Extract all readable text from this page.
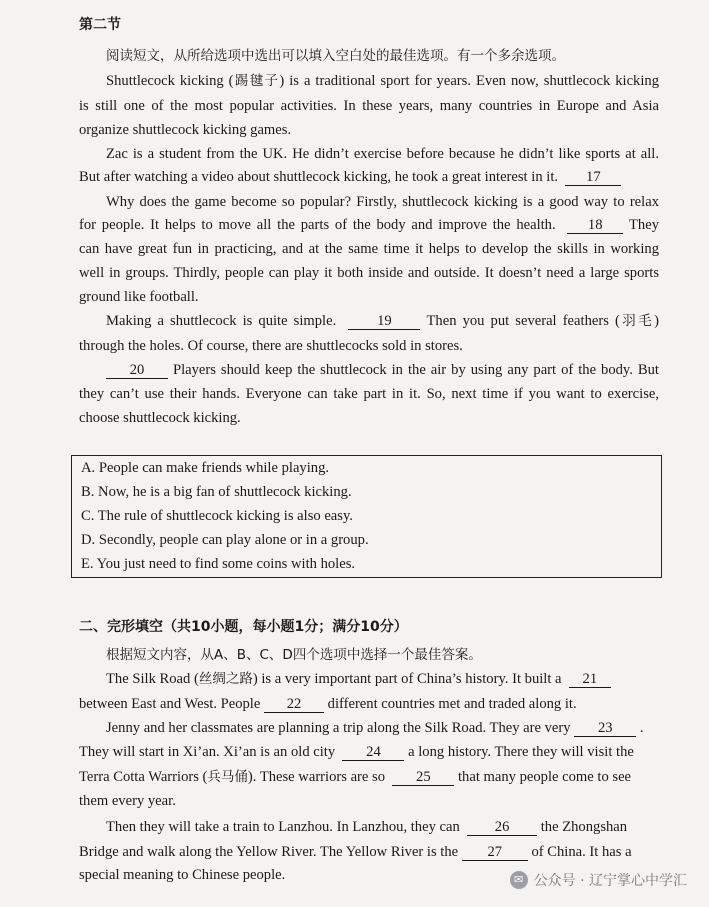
第二节
阅读短文，从所给选项中选出可以填入空白处的最佳选项。有一个多余选项。
Shuttlecock kicking (踢毽子) is a traditional sport for years. Even now, shuttlecock kicking
is still one of the most popular activities. In these years, many countries in Europe and Asia
organize shuttlecock kicking games.
Zac is a student from the UK. He didn’t exercise before because he didn’t like sports at all.
But after watching a video about shuttlecock kicking, he took a great interest in it. 17
Why does the game become so popular? Firstly, shuttlecock kicking is a good way to relax
for people. It helps to move all the parts of the body and improve the health. 18 They
can have great fun in practicing, and at the same time it helps to develop the skills in working
well in groups. Thirdly, people can play it both inside and outside. It doesn’t need a large sports
ground like football.
Making a shuttlecock is quite simple.	19 Then you put several feathers (羽毛)
through the holes. Of course, there are shuttlecocks sold in stores.
20 Players should keep the shuttlecock in the air by using any part of the body. But
they can’t use their hands. Everyone can take part in it. So, next time if you want to exercise,
choose shuttlecock kicking.
A. People can make friends while playing.
B. Now, he is a big fan of shuttlecock kicking.
C. The rule of shuttlecock kicking is also easy.
D. Secondly, people can play alone or in a group.
E. You just need to find some coins with holes.
二、完形填空（共10小题，每小题1分；满分10分）
根据短文内容，从A、B、C、D四个选项中选择一个最佳答案。
The Silk Road (丝绸之路) is a very important part of China’s history. It built a 21
between East and West. People 22 different countries met and traded along it.
Jenny and her classmates are planning a trip along the Silk Road. They are very 23 .
They will start in Xi’an. Xi’an is an old city 24 a long history. There they will visit the
Terra Cotta Warriors (兵马俑). These warriors are so 25 that many people come to see
them every year.
Then they will take a train to Lanzhou. In Lanzhou, they can 26 the Zhongshan
Bridge and walk along the Yellow River. The Yellow River is the 27 of China. It has a
special meaning to Chinese people.	✉ 公众号 · 辽宁掌心中学汇
